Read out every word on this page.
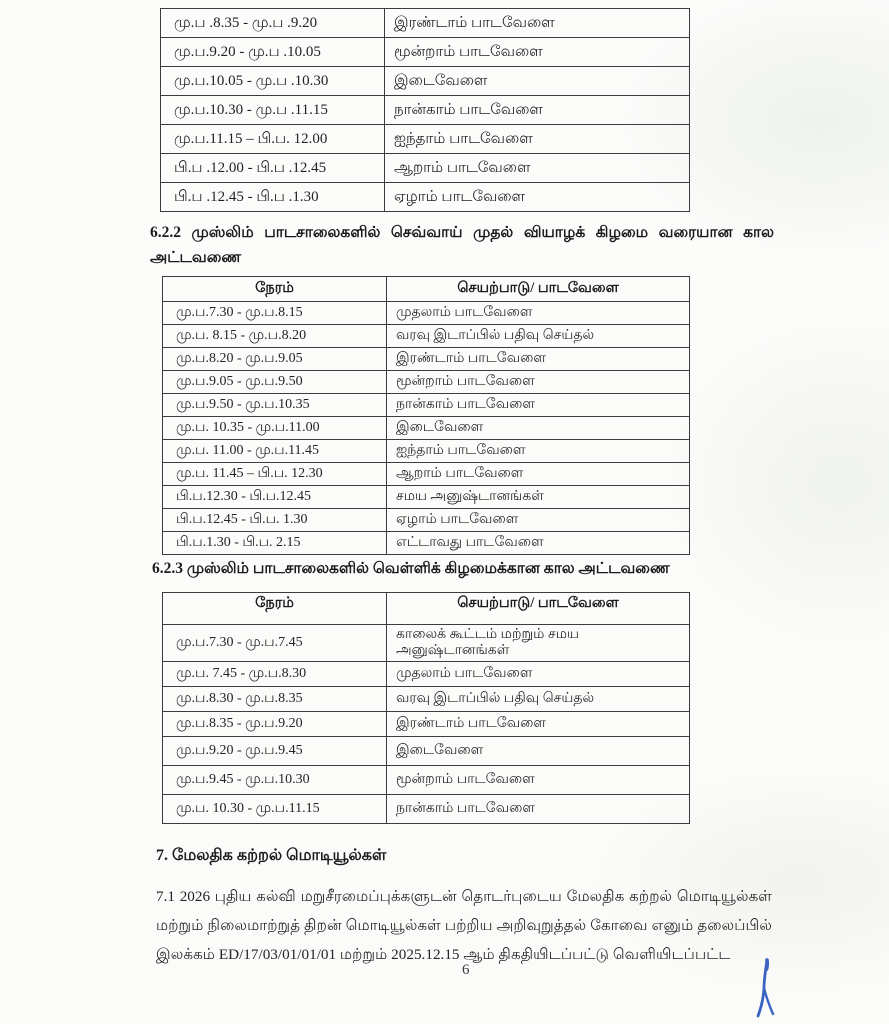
மு.ப .8.35 - மு.ப .9.20	இரண்டாம் பாடவேளை
மு.ப.9.20 - மு.ப .10.05	மூன்றாம் பாடவேளை
மு.ப.10.05 - மு.ப .10.30	இடைவேளை
மு.ப.10.30 - மு.ப .11.15	நான்காம் பாடவேளை
மு.ப.11.15 – பி.ப. 12.00	ஐந்தாம் பாடவேளை
பி.ப .12.00 - பி.ப .12.45	ஆறாம் பாடவேளை
பி.ப .12.45 - பி.ப .1.30	ஏழாம் பாடவேளை
6.2.2 முஸ்லிம் பாடசாலைகளில் செவ்வாய் முதல் வியாழக் கிழமை வரையான கால அட்டவணை
நேரம்	செயற்பாடு/ பாடவேளை
மு.ப.7.30 - மு.ப.8.15	முதலாம் பாடவேளை
மு.ப. 8.15 - மு.ப.8.20	வரவு இடாப்பில் பதிவு செய்தல்
மு.ப.8.20 - மு.ப.9.05	இரண்டாம் பாடவேளை
மு.ப.9.05 - மு.ப.9.50	மூன்றாம் பாடவேளை
மு.ப.9.50 - மு.ப.10.35	நான்காம் பாடவேளை
மு.ப. 10.35 - மு.ப.11.00	இடைவேளை
மு.ப. 11.00 - மு.ப.11.45	ஐந்தாம் பாடவேளை
மு.ப. 11.45 – பி.ப. 12.30	ஆறாம் பாடவேளை
பி.ப.12.30 - பி.ப.12.45	சமய அனுஷ்டானங்கள்
பி.ப.12.45 - பி.ப. 1.30	ஏழாம் பாடவேளை
பி.ப.1.30 - பி.ப. 2.15	எட்டாவது பாடவேளை
6.2.3 முஸ்லிம் பாடசாலைகளில் வெள்ளிக் கிழமைக்கான கால அட்டவணை
நேரம்	செயற்பாடு/ பாடவேளை
மு.ப.7.30 - மு.ப.7.45	காலைக் கூட்டம் மற்றும் சமய அனுஷ்டானங்கள்
மு.ப. 7.45 - மு.ப.8.30	முதலாம் பாடவேளை
மு.ப.8.30 - மு.ப.8.35	வரவு இடாப்பில் பதிவு செய்தல்
மு.ப.8.35 - மு.ப.9.20	இரண்டாம் பாடவேளை
மு.ப.9.20 - மு.ப.9.45	இடைவேளை
மு.ப.9.45 - மு.ப.10.30	மூன்றாம் பாடவேளை
மு.ப. 10.30 - மு.ப.11.15	நான்காம் பாடவேளை
7. மேலதிக கற்றல் மொடியூல்கள்
7.1 2026 புதிய கல்வி மறுசீரமைப்புக்களுடன் தொடர்புடைய மேலதிக கற்றல் மொடியூல்கள் மற்றும் நிலைமாற்றுத் திறன் மொடியூல்கள் பற்றிய அறிவுறுத்தல் கோவை எனும் தலைப்பில் இலக்கம் ED/17/03/01/01/01 மற்றும் 2025.12.15 ஆம் திகதியிடப்பட்டு வெளியிடப்பட்ட
6
